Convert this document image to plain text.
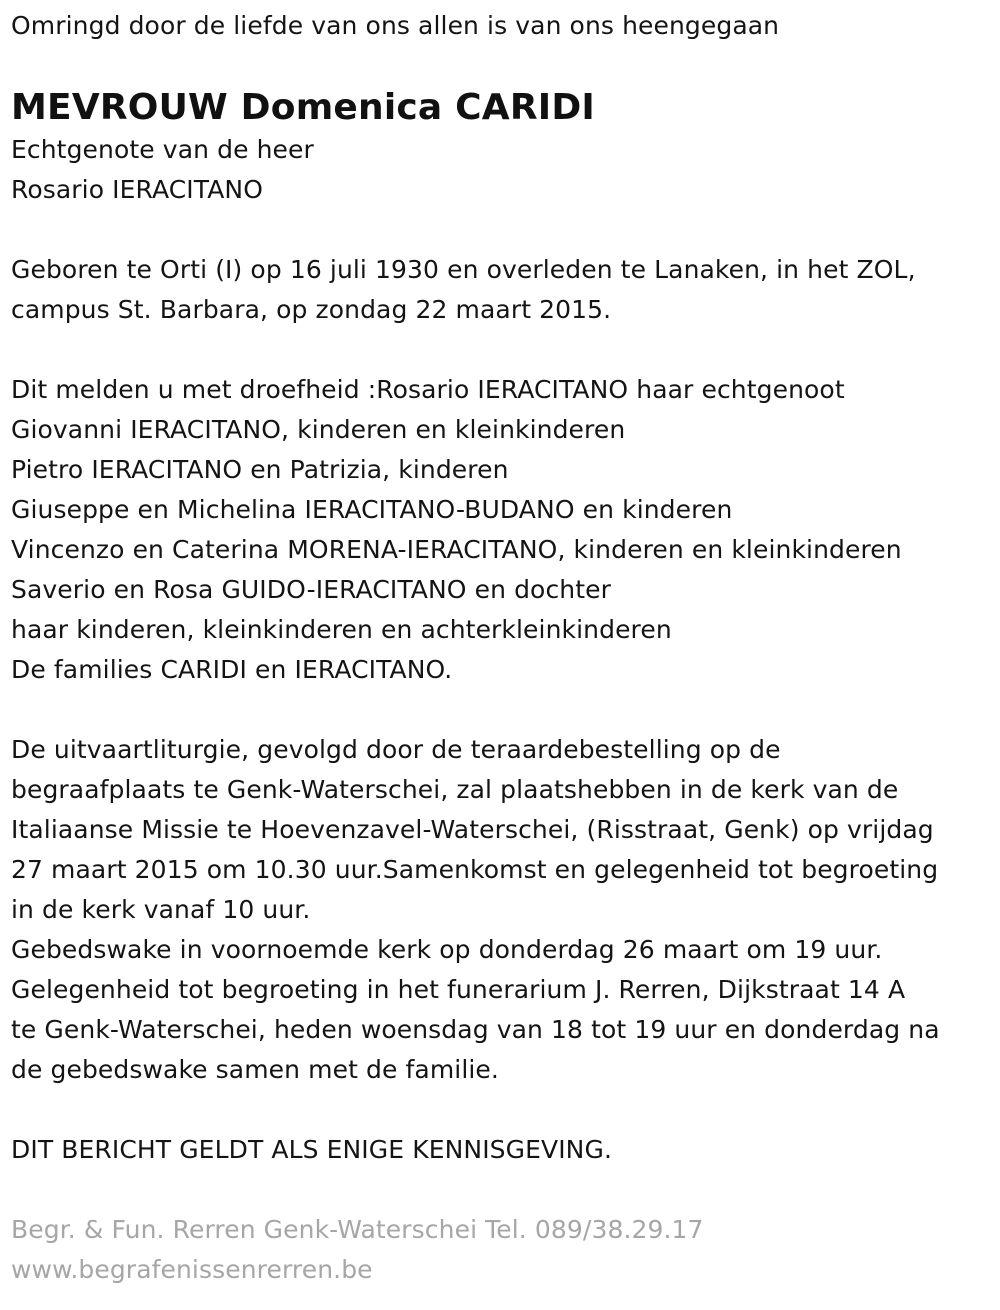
Omringd door de liefde van ons allen is van ons heengegaan
MEVROUW Domenica CARIDI
Echtgenote van de heer
Rosario IERACITANO
Geboren te Orti (I) op 16 juli 1930 en overleden te Lanaken, in het ZOL,
campus St. Barbara, op zondag 22 maart 2015.
Dit melden u met droefheid :Rosario IERACITANO haar echtgenoot
Giovanni IERACITANO, kinderen en kleinkinderen
Pietro IERACITANO en Patrizia, kinderen
Giuseppe en Michelina IERACITANO-BUDANO en kinderen
Vincenzo en Caterina MORENA-IERACITANO, kinderen en kleinkinderen
Saverio en Rosa GUIDO-IERACITANO en dochter
haar kinderen, kleinkinderen en achterkleinkinderen
De families CARIDI en IERACITANO.
De uitvaartliturgie, gevolgd door de teraardebestelling op de
begraafplaats te Genk-Waterschei, zal plaatshebben in de kerk van de
Italiaanse Missie te Hoevenzavel-Waterschei, (Risstraat, Genk) op vrijdag
27 maart 2015 om 10.30 uur.Samenkomst en gelegenheid tot begroeting
in de kerk vanaf 10 uur.
Gebedswake in voornoemde kerk op donderdag 26 maart om 19 uur.
Gelegenheid tot begroeting in het funerarium J. Rerren, Dijkstraat 14 A
te Genk-Waterschei, heden woensdag van 18 tot 19 uur en donderdag na
de gebedswake samen met de familie.
DIT BERICHT GELDT ALS ENIGE KENNISGEVING.
Begr. & Fun. Rerren Genk-Waterschei Tel. 089/38.29.17
www.begrafenissenrerren.be
